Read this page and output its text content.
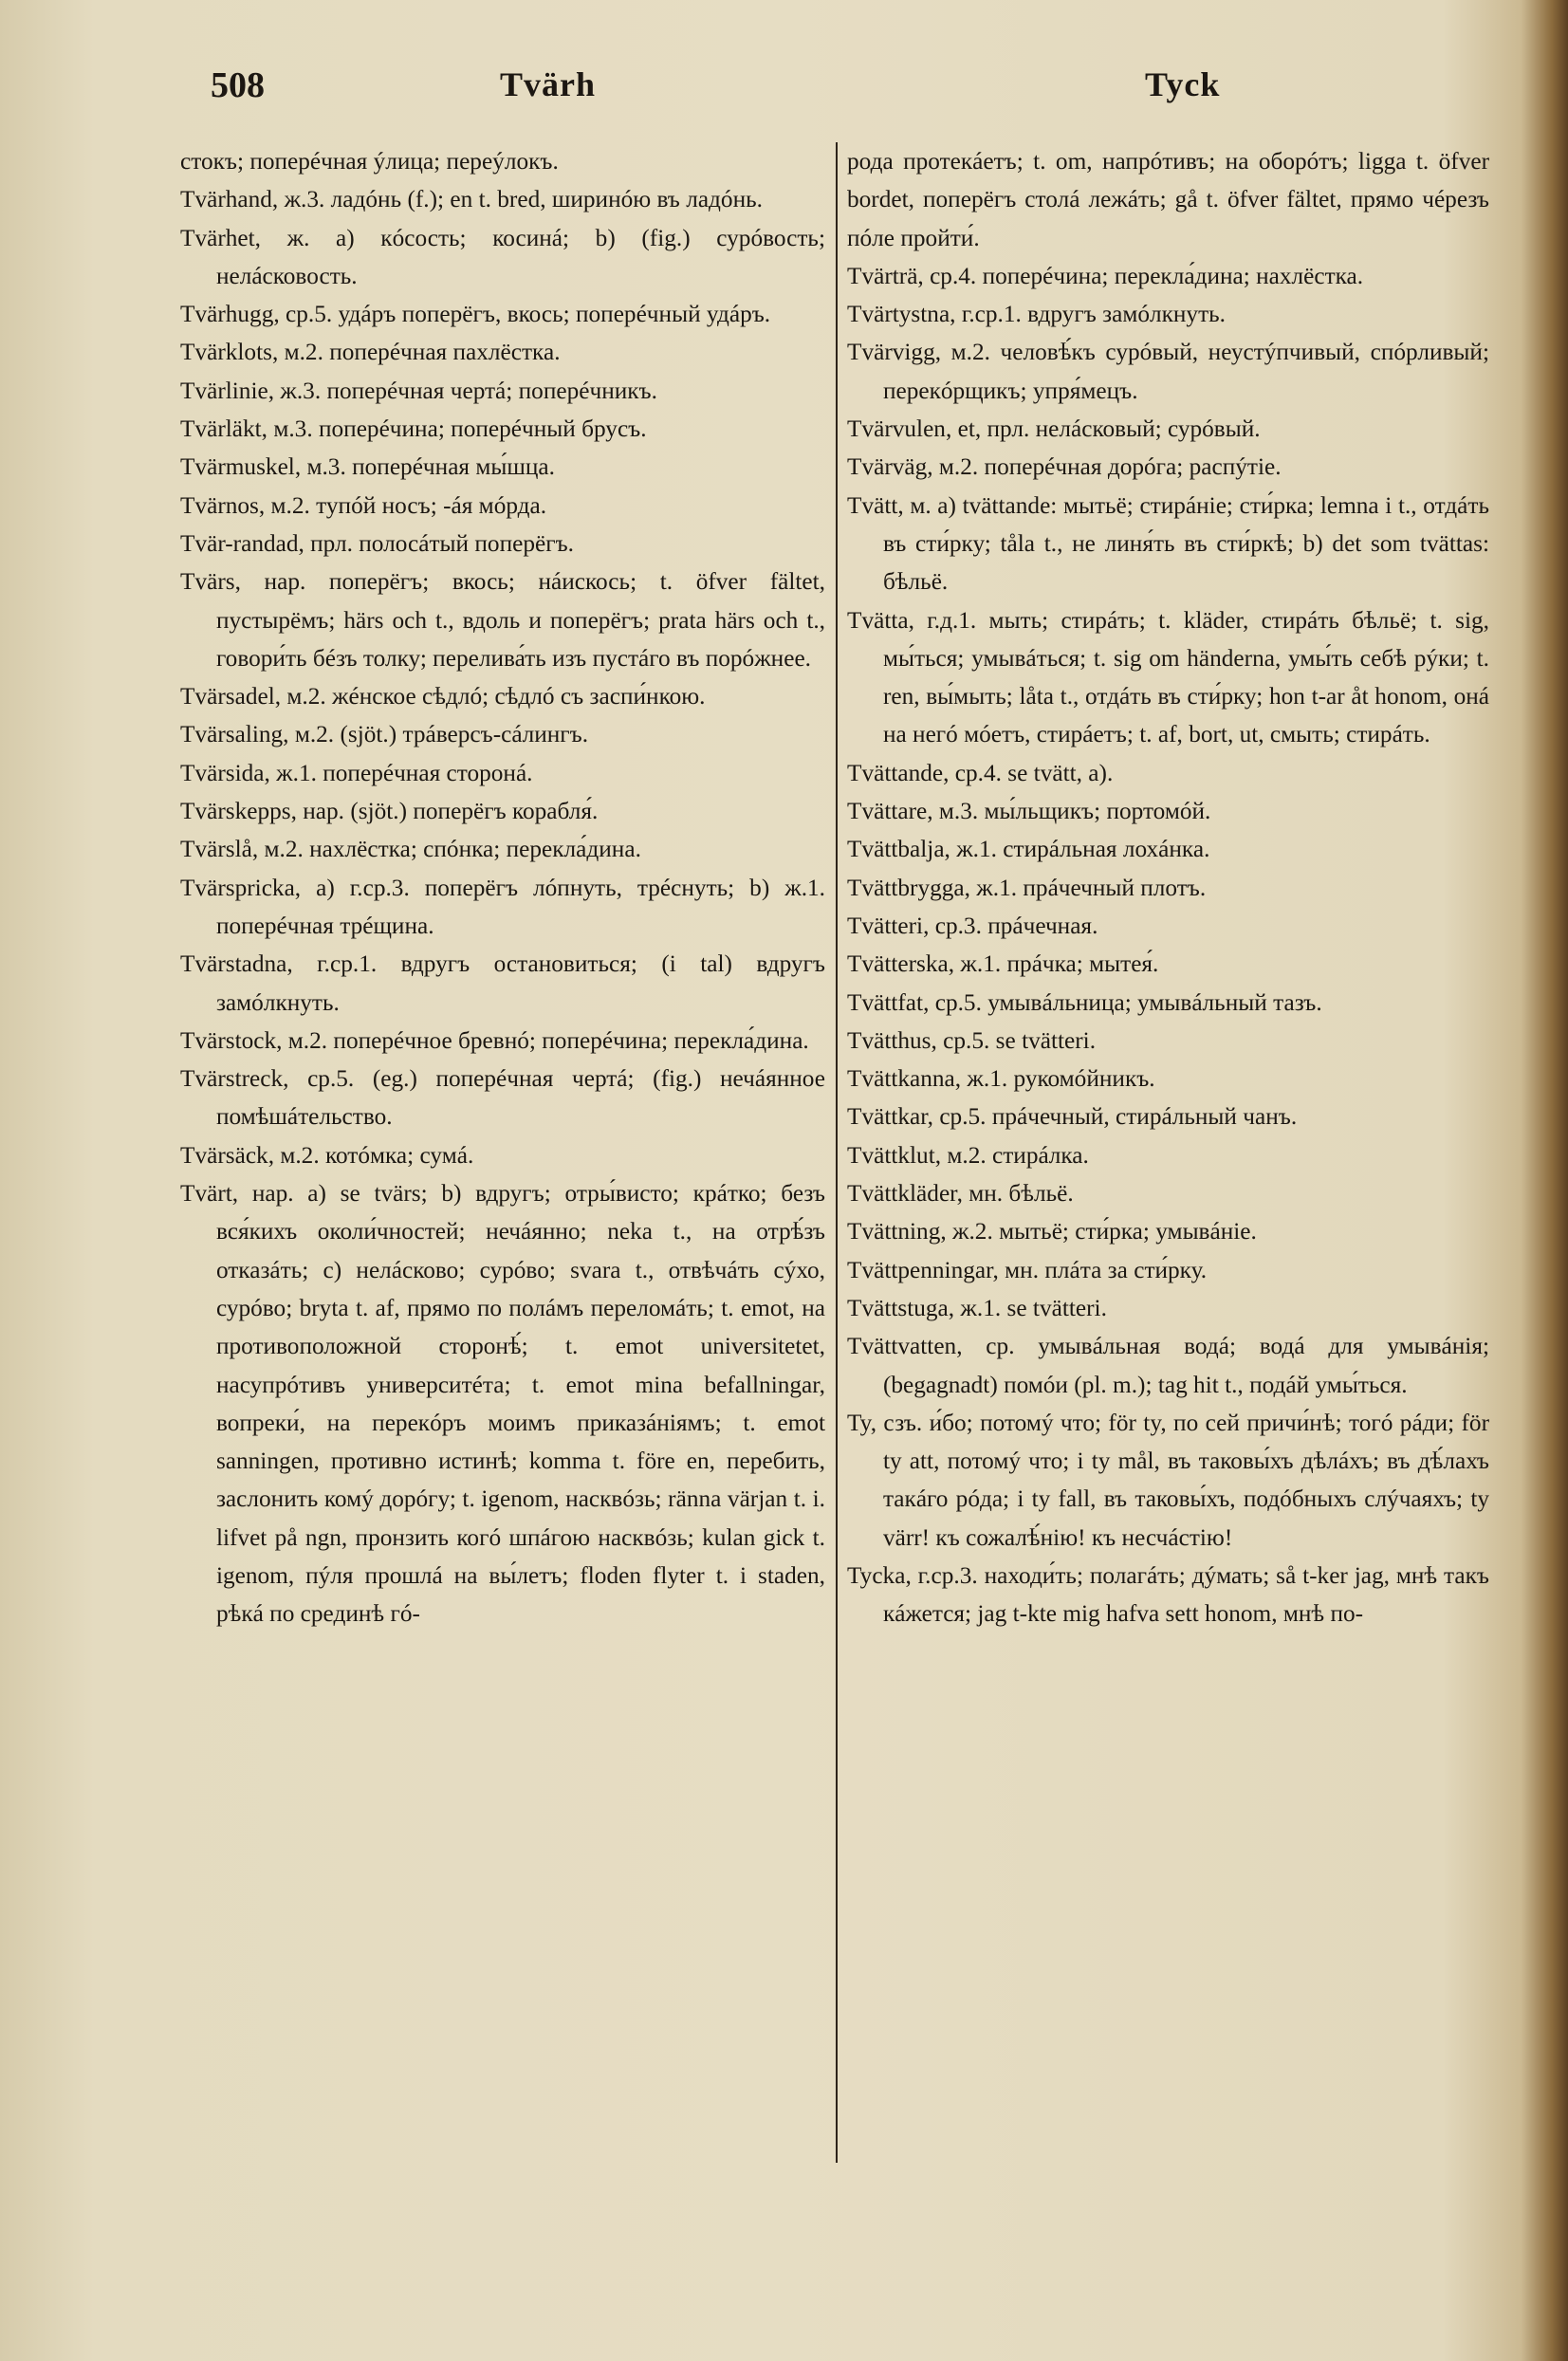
508	Tvärh	Tyck

стокъ; поперéчная ýлица; переýлокъ.

Tvärhand, ж.3. ладóнь (f.); en t. bred, ширинóю въ ладóнь.

Tvärhet, ж. a) кóсость; косинá; b) (fig.) сурóвость; нелáсковость.

Tvärhugg, ср.5. удáръ поперёгъ, вкось; поперéчный удáръ.

Tvärklots, м.2. поперéчная пахлёстка.

Tvärlinie, ж.3. поперéчная чертá; поперéчникъ.

Tvärläkt, м.3. поперéчина; поперéчный брусъ.

Tvärmuskel, м.3. поперéчная мы́шца.

Tvärnos, м.2. тупóй носъ; -áя мóрда.

Tvär-randad, прл. полосáтый поперёгъ.

Tvärs, нар. поперёгъ; вкось; нáискось; t. öfver fältet, пустырёмъ; härs och t., вдоль и поперёгъ; prata härs och t., говори́ть бéзъ толку; перелива́ть изъ пустáго въ порóжнее.

Tvärsadel, м.2. жéнское сѣдлó; сѣдлó съ заспи́нкою.

Tvärsaling, м.2. (sjöt.) трáверсъ-сáлингъ.

Tvärsida, ж.1. поперéчная сторонá.

Tvärskepps, нар. (sjöt.) поперёгъ корабля́.

Tvärslå, м.2. нахлёстка; спóнка; перекла́дина.

Tvärspricka, a) г.ср.3. поперёгъ лóпнуть, трéснуть; b) ж.1. поперéчная трéщина.

Tvärstadna, г.ср.1. вдругъ остановиться; (i tal) вдругъ замóлкнуть.

Tvärstock, м.2. поперéчное бревнó; поперéчина; перекла́дина.

Tvärstreck, ср.5. (eg.) поперéчная чертá; (fig.) нечáянное помѣшáтельство.

Tvärsäck, м.2. котóмка; сумá.

Tvärt, нар. a) se tvärs; b) вдругъ; отры́висто; крáтко; безъ вся́кихъ околи́чностей; нечáянно; neka t., на отрѣ́зъ отказáть; c) нелáсково; сурóво; svara t., отвѣчáть сýхо, сурóво; bryta t. af, прямо по полáмъ переломáть; t. emot, на противоположной сторонѣ́; t. emot universitetet, насупрóтивъ университéта; t. emot mina befallningar, вопреки́, на перекóръ моимъ приказáніямъ; t. emot sanningen, противно истинѣ; komma t. före en, перебить, заслонить комý дорóгу; t. igenom, насквóзь; ränna värjan t. i. lifvet på ngn, пронзить когó шпáгою насквóзь; kulan gick t. igenom, пýля прошлá на вы́летъ; floden flyter t. i staden, рѣкá по срединѣ гó-

рода протекáетъ; t. om, напрóтивъ; на оборóтъ; ligga t. öfver bordet, поперёгъ столá лежáть; gå t. öfver fältet, прямо чéрезъ пóле пройти́.

Tvärträ, ср.4. поперéчина; перекла́дина; нахлёстка.

Tvärtystna, г.ср.1. вдругъ замóлкнуть.

Tvärvigg, м.2. человѣ́къ сурóвый, неустýпчивый, спóрливый; перекóрщикъ; упря́мецъ.

Tvärvulen, et, прл. нелáсковый; сурóвый.

Tvärväg, м.2. поперéчная дорóга; распýтіе.

Tvätt, м. a) tvättande: мытьё; стирáніе; сти́рка; lemna i t., отдáть въ сти́рку; tåla t., не линя́ть въ сти́ркѣ; b) det som tvättas: бѣльё.

Tvätta, г.д.1. мыть; стирáть; t. kläder, стирáть бѣльё; t. sig, мы́ться; умывáться; t. sig om händerna, умы́ть себѣ рýки; t. ren, вы́мыть; låta t., отдáть въ сти́рку; hon t-ar åt honom, онá на негó мóетъ, стирáетъ; t. af, bort, ut, смыть; стирáть.

Tvättande, ср.4. se tvätt, a).

Tvättare, м.3. мы́льщикъ; портомóй.

Tvättbalja, ж.1. стирáльная лохáнка.

Tvättbrygga, ж.1. прáчечный плотъ.

Tvätteri, ср.3. прáчечная.

Tvätterska, ж.1. прáчка; мытея́.

Tvättfat, ср.5. умывáльница; умывáльный тазъ.

Tvätthus, ср.5. se tvätteri.

Tvättkanna, ж.1. рукомóйникъ.

Tvättkar, ср.5. прáчечный, стирáльный чанъ.

Tvättklut, м.2. стирáлка.

Tvättkläder, мн. бѣльё.

Tvättning, ж.2. мытьё; сти́рка; умывáніе.

Tvättpenningar, мн. плáта за сти́рку.

Tvättstuga, ж.1. se tvätteri.

Tvättvatten, ср. умывáльная водá; водá для умывáнія; (begagnadt) помóи (pl. m.); tag hit t., подáй умы́ться.

Ty, сзъ. и́бо; потомý что; för ty, по сей причи́нѣ; тогó рáди; för ty att, потомý что; i ty mål, въ таковы́хъ дѣлáхъ; въ дѣ́лахъ такáго рóда; i ty fall, въ таковы́хъ, подóбныхъ слýчаяхъ; ty värr! къ сожалѣ́нію! къ несчáстію!

Tycka, г.ср.3. находи́ть; полагáть; дýмать; så t-ker jag, мнѣ такъ кáжется; jag t-kte mig hafva sett honom, мнѣ по-
